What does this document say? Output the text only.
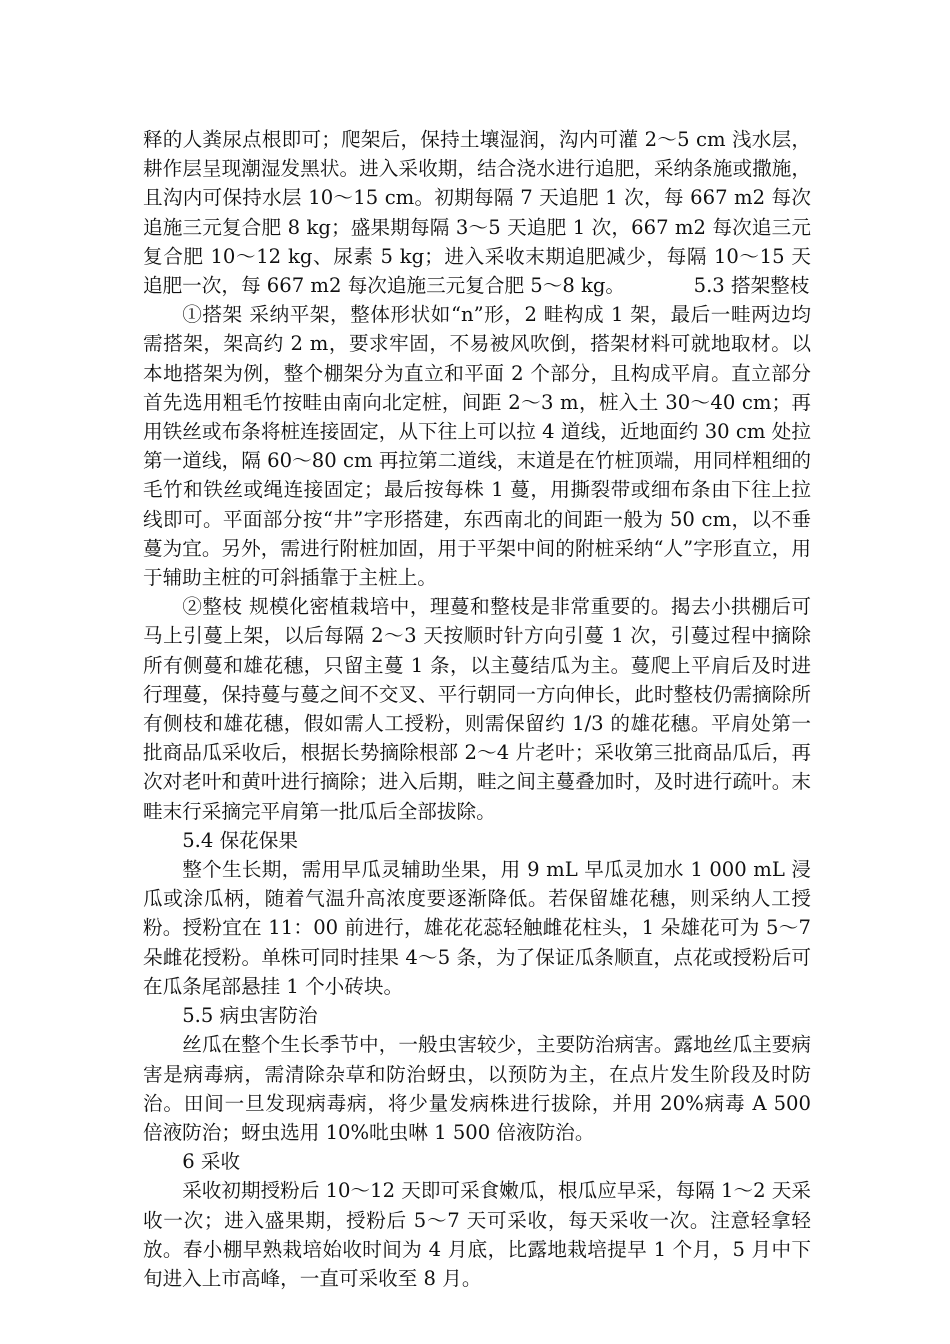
释的人粪尿点根即可；爬架后，保持土壤湿润，沟内可灌 2～5 cm 浅水层，耕作层呈现潮湿发黑状。进入采收期，结合浇水进行追肥，采纳条施或撒施，且沟内可保持水层 10～15 cm。初期每隔 7 天追肥 1 次，每 667 m2 每次追施三元复合肥 8 kg；盛果期每隔 3～5 天追肥 1 次，667 m2 每次追三元复合肥 10～12 kg、尿素 5 kg；进入采收末期追肥减少，每隔 10～15 天追肥一次，每 667 m2 每次追施三元复合肥 5～8 kg。　　　　5.3 搭架整枝

①搭架 采纳平架，整体形状如“n”形，2 畦构成 1 架，最后一畦两边均需搭架，架高约 2 m，要求牢固，不易被风吹倒，搭架材料可就地取材。以本地搭架为例，整个棚架分为直立和平面 2 个部分，且构成平肩。直立部分首先选用粗毛竹按畦由南向北定桩，间距 2～3 m，桩入土 30～40 cm；再用铁丝或布条将桩连接固定，从下往上可以拉 4 道线，近地面约 30 cm 处拉第一道线，隔 60～80 cm 再拉第二道线，末道是在竹桩顶端，用同样粗细的毛竹和铁丝或绳连接固定；最后按每株 1 蔓，用撕裂带或细布条由下往上拉线即可。平面部分按“井”字形搭建，东西南北的间距一般为 50 cm，以不垂蔓为宜。另外，需进行附桩加固，用于平架中间的附桩采纳“人”字形直立，用于辅助主桩的可斜插靠于主桩上。

②整枝 规模化密植栽培中，理蔓和整枝是非常重要的。揭去小拱棚后可马上引蔓上架，以后每隔 2～3 天按顺时针方向引蔓 1 次，引蔓过程中摘除所有侧蔓和雄花穗，只留主蔓 1 条，以主蔓结瓜为主。蔓爬上平肩后及时进行理蔓，保持蔓与蔓之间不交叉、平行朝同一方向伸长，此时整枝仍需摘除所有侧枝和雄花穗，假如需人工授粉，则需保留约 1/3 的雄花穗。平肩处第一批商品瓜采收后，根据长势摘除根部 2～4 片老叶；采收第三批商品瓜后，再次对老叶和黄叶进行摘除；进入后期，畦之间主蔓叠加时，及时进行疏叶。末畦末行采摘完平肩第一批瓜后全部拔除。

5.4 保花保果

整个生长期，需用早瓜灵辅助坐果，用 9 mL 早瓜灵加水 1 000 mL 浸瓜或涂瓜柄，随着气温升高浓度要逐渐降低。若保留雄花穗，则采纳人工授粉。授粉宜在 11：00 前进行，雄花花蕊轻触雌花柱头，1 朵雄花可为 5～7 朵雌花授粉。单株可同时挂果 4～5 条，为了保证瓜条顺直，点花或授粉后可在瓜条尾部悬挂 1 个小砖块。

5.5 病虫害防治

丝瓜在整个生长季节中，一般虫害较少，主要防治病害。露地丝瓜主要病害是病毒病，需清除杂草和防治蚜虫，以预防为主，在点片发生阶段及时防治。田间一旦发现病毒病，将少量发病株进行拔除，并用 20%病毒 A 500 倍液防治；蚜虫选用 10%吡虫啉 1 500 倍液防治。

6 采收

采收初期授粉后 10～12 天即可采食嫩瓜，根瓜应早采，每隔 1～2 天采收一次；进入盛果期，授粉后 5～7 天可采收，每天采收一次。注意轻拿轻放。春小棚早熟栽培始收时间为 4 月底，比露地栽培提早 1 个月，5 月中下旬进入上市高峰，一直可采收至 8 月。
